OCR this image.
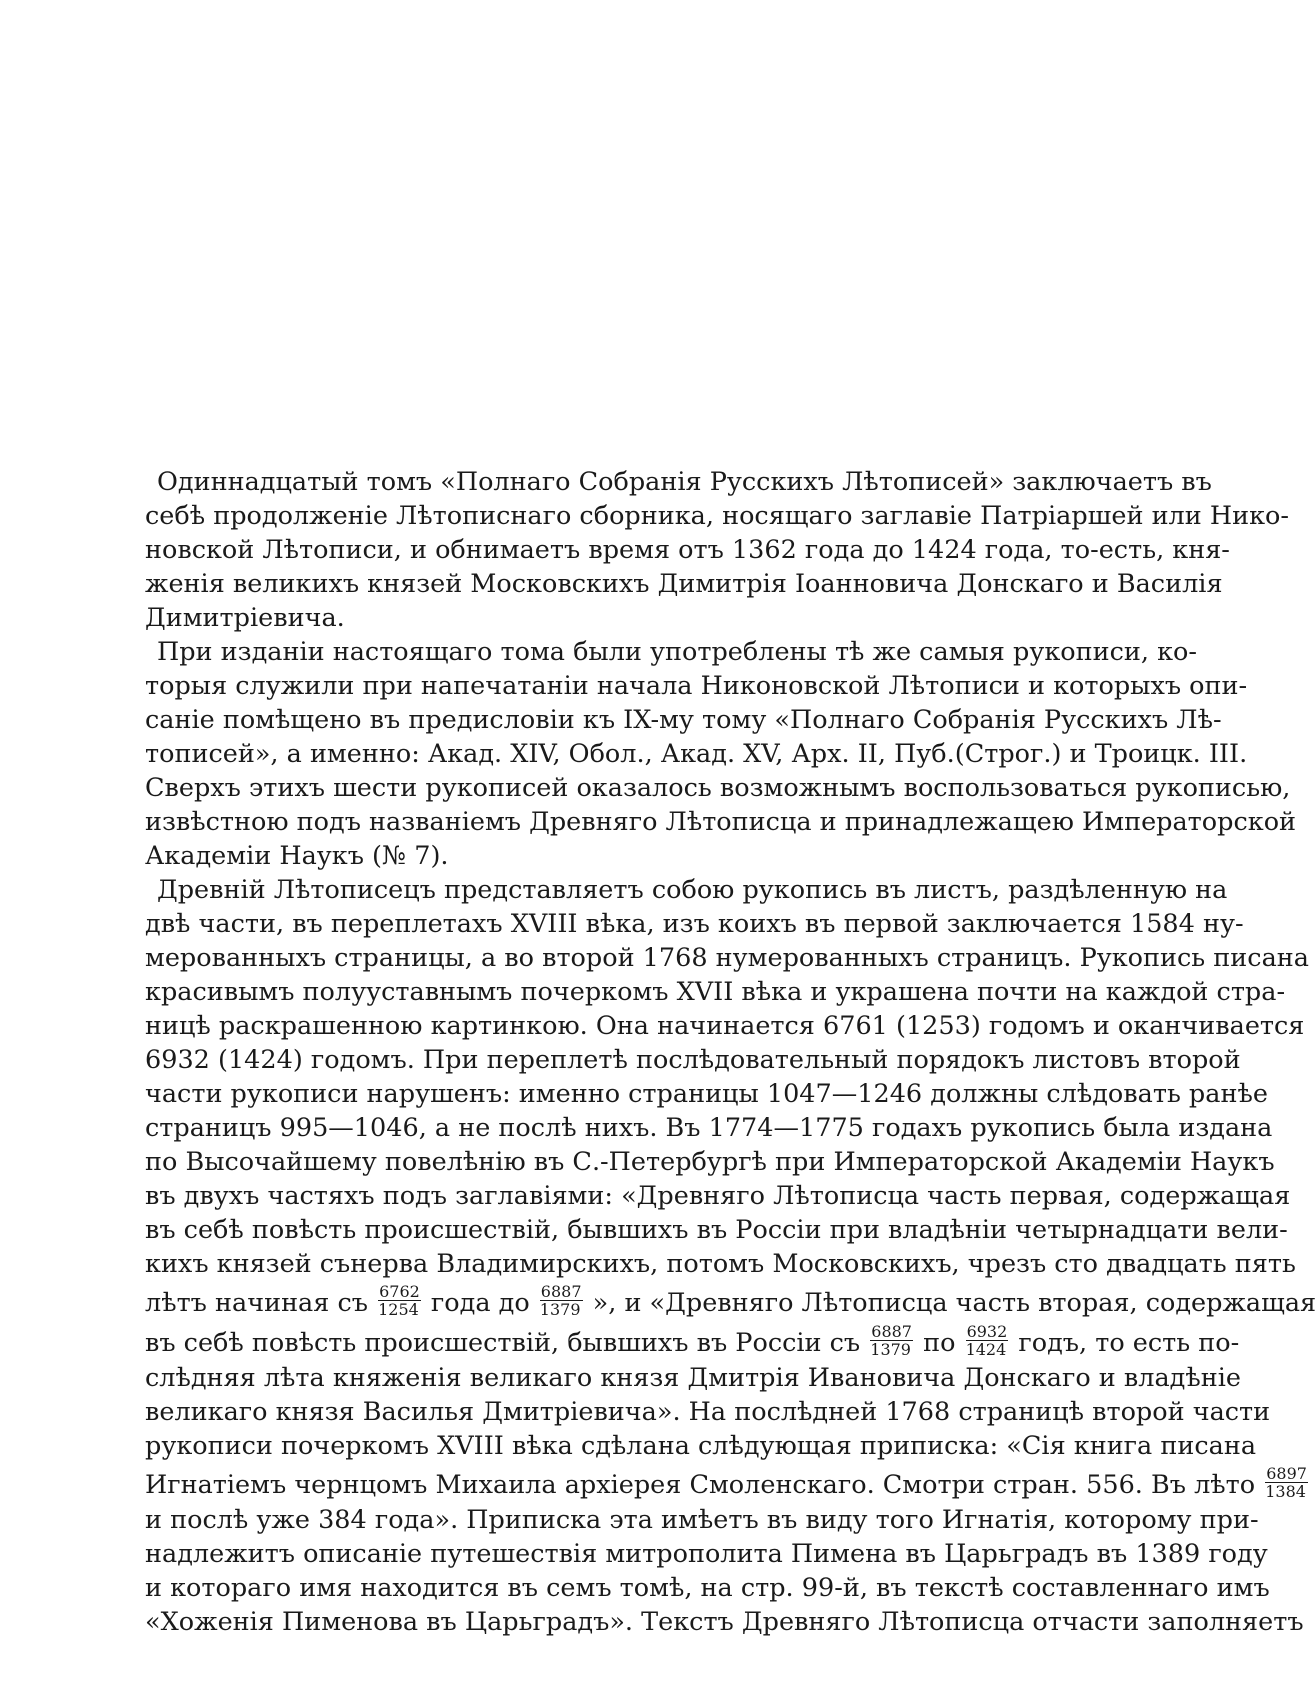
Одиннадцатый томъ «Полнаго Собранія Русскихъ Лѣтописей» заключаетъ въ
себѣ продолженіе Лѣтописнаго сборника, носящаго заглавіе Патріаршей или Нико-
новской Лѣтописи, и обнимаетъ время отъ 1362 года до 1424 года, то-есть, кня-
женія великихъ князей Московскихъ Димитрія Іоанновича Донскаго и Василія
Димитріевича.
При изданіи настоящаго тома были употреблены тѣ же самыя рукописи, ко-
торыя служили при напечатаніи начала Никоновской Лѣтописи и которыхъ опи-
саніе помѣщено въ предисловіи къ IX-му тому «Полнаго Собранія Русскихъ Лѣ-
тописей», а именно: Акад. XIV, Обол., Акад. XV, Арх. II, Пуб.(Строг.) и Троицк. III.
Сверхъ этихъ шести рукописей оказалось возможнымъ воспользоваться рукописью,
извѣстною подъ названіемъ Древняго Лѣтописца и принадлежащею Императорской
Академіи Наукъ (№ 7).
Древній Лѣтописецъ представляетъ собою рукопись въ листъ, раздѣленную на
двѣ части, въ переплетахъ XVIII вѣка, изъ коихъ въ первой заключается 1584 ну-
мерованныхъ страницы, а во второй 1768 нумерованныхъ страницъ. Рукопись писана
красивымъ полууставнымъ почеркомъ XVII вѣка и украшена почти на каждой стра-
ницѣ раскрашенною картинкою. Она начинается 6761 (1253) годомъ и оканчивается
6932 (1424) годомъ. При переплетѣ послѣдовательный порядокъ листовъ второй
части рукописи нарушенъ: именно страницы 1047—1246 должны слѣдовать ранѣе
страницъ 995—1046, а не послѣ нихъ. Въ 1774—1775 годахъ рукопись была издана
по Высочайшему повелѣнію въ С.-Петербургѣ при Императорской Академіи Наукъ
въ двухъ частяхъ подъ заглавіями: «Древняго Лѣтописца часть первая, содержащая
въ себѣ повѣсть происшествій, бывшихъ въ Россіи при владѣніи четырнадцати вели-
кихъ князей сънерва Владимирскихъ, потомъ Московскихъ, чрезъ сто двадцать пять
лѣтъ начиная съ $\frac{6762}{1254}$ года до $\frac{6887}{1379}$ », и «Древняго Лѣтописца часть вторая, содержащая
въ себѣ повѣсть происшествій, бывшихъ въ Россіи съ $\frac{6887}{1379}$ по $\frac{6932}{1424}$ годъ, то есть по-
слѣдняя лѣта княженія великаго князя Дмитрія Ивановича Донскаго и владѣніе
великаго князя Василья Дмитріевича». На послѣдней 1768 страницѣ второй части
рукописи почеркомъ XVIII вѣка сдѣлана слѣдующая приписка: «Сія книга писана
Игнатіемъ чернцомъ Михаила архіерея Смоленскаго. Смотри стран. 556. Въ лѣто $\frac{6897}{1384}$
и послѣ уже 384 года». Приписка эта имѣетъ въ виду того Игнатія, которому при-
надлежитъ описаніе путешествія митрополита Пимена въ Царьградъ въ 1389 году
и котораго имя находится въ семъ томѣ, на стр. 99-й, въ текстѣ составленнаго имъ
«Хоженія Пименова въ Царьградъ». Текстъ Древняго Лѣтописца отчасти заполняетъ
